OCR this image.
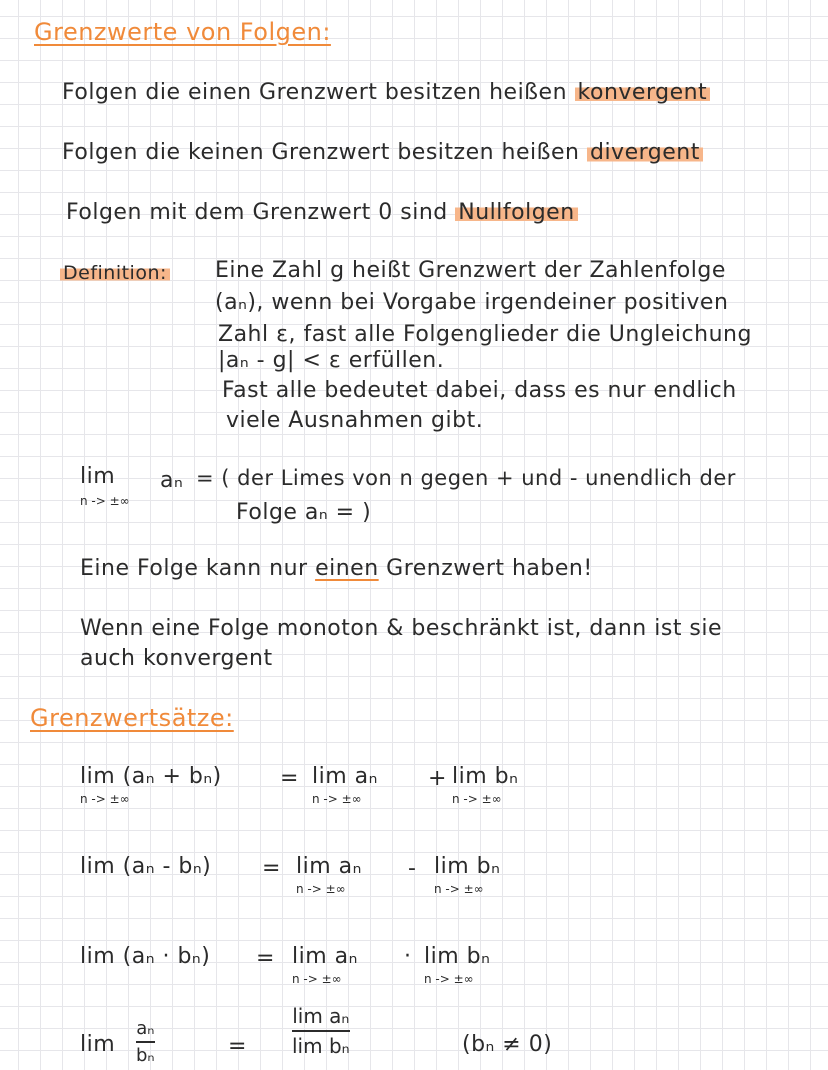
Grenzwerte von Folgen:
Folgen die einen Grenzwert besitzen heißen konvergent
Folgen die keinen Grenzwert besitzen heißen divergent
Folgen mit dem Grenzwert 0 sind Nullfolgen
Definition: Eine Zahl g heißt Grenzwert der Zahlenfolge
(aₙ), wenn bei Vorgabe irgendeiner positiven
Zahl ε, fast alle Folgenglieder die Ungleichung
|aₙ - g| < ε erfüllen.
Fast alle bedeutet dabei, dass es nur endlich
viele Ausnahmen gibt.
lim
n -> ±∞
aₙ = ( der Limes von n gegen + und - unendlich der
Folge aₙ = )
Eine Folge kann nur einen Grenzwert haben!
Wenn eine Folge monoton & beschränkt ist, dann ist sie
auch konvergent
Grenzwertsätze:
lim (aₙ + bₙ)
n -> ±∞
= lim aₙ
n -> ±∞
+ lim bₙ
n -> ±∞
lim (aₙ - bₙ) = lim aₙ
n -> ±∞
- lim bₙ
n -> ±∞
lim (aₙ · bₙ) = lim aₙ
n -> ±∞
· lim bₙ
n -> ±∞
lim
aₙ
bₙ	=
lim aₙ
lim bₙ	(bₙ ≠ 0)
